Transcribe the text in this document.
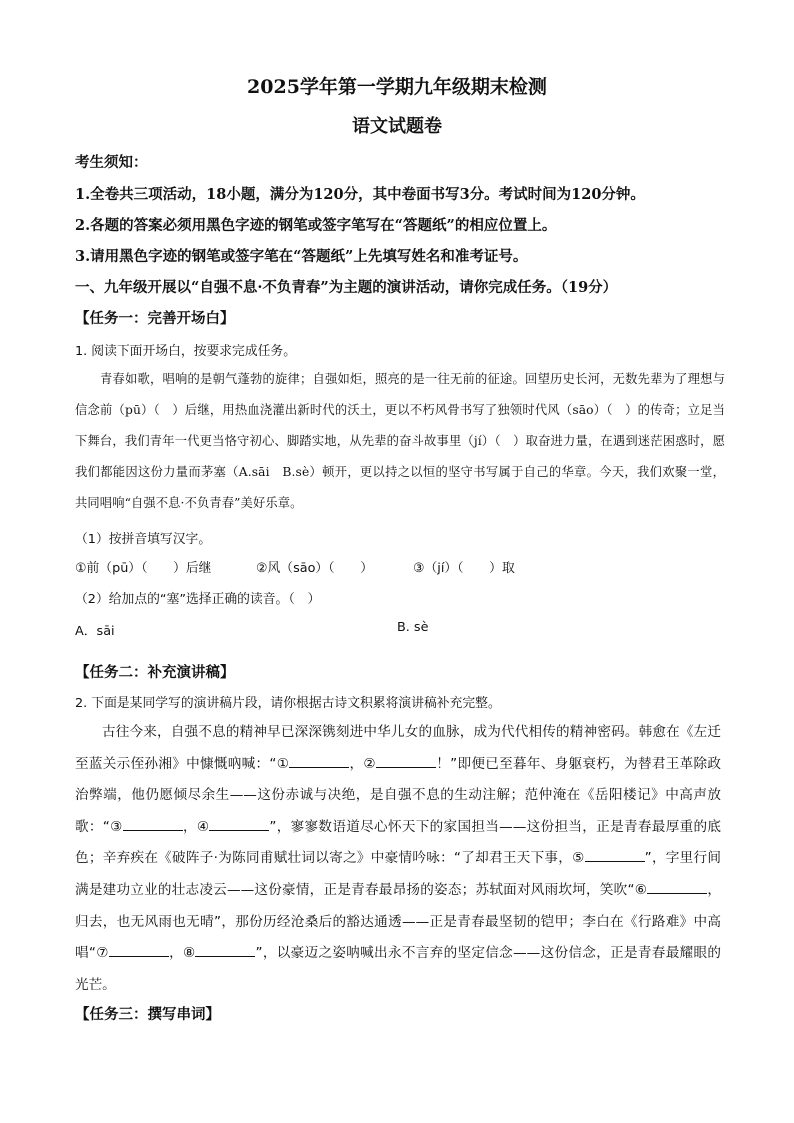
2025学年第一学期九年级期末检测
语文试题卷
考生须知：
1.全卷共三项活动，18小题，满分为120分，其中卷面书写3分。考试时间为120分钟。
2.各题的答案必须用黑色字迹的钢笔或签字笔写在“答题纸”的相应位置上。
3.请用黑色字迹的钢笔或签字笔在“答题纸”上先填写姓名和准考证号。
一、九年级开展以“自强不息·不负青春”为主题的演讲活动，请你完成任务。（19分）
【任务一：完善开场白】
1. 阅读下面开场白，按要求完成任务。

青春如歌，唱响的是朝气蓬勃的旋律；自强如炬，照亮的是一往无前的征途。回望历史长河，无数先辈为了理想与信念前（pū）（　）后继，用热血浇灌出新时代的沃土，更以不朽风骨书写了独领时代风（sāo）（　）的传奇；立足当下舞台，我们青年一代更当恪守初心、脚踏实地，从先辈的奋斗故事里（jí）（　）取奋进力量，在遇到迷茫困惑时，愿我们都能因这份力量而茅塞（A.sāi　B.sè）顿开，更以持之以恒的坚守书写属于自己的华章。今天，我们欢聚一堂，共同唱响“自强不息·不负青春”美好乐章。

（1）按拼音填写汉字。
①前（pū）（　　）后继	②风（sāo）（　　）	③（jí）（　　）取
（2）给加点的“塞”选择正确的读音。（　）
A．sāi	B. sè
【任务二：补充演讲稿】
2. 下面是某同学写的演讲稿片段，请你根据古诗文积累将演讲稿补充完整。

古往今来，自强不息的精神早已深深镌刻进中华儿女的血脉，成为代代相传的精神密码。韩愈在《左迁至蓝关示侄孙湘》中慷慨吶喊：“①	，②	！”即便已至暮年、身躯衰朽，为替君王革除政治弊端，他仍愿倾尽余生——这份赤诚与决绝，是自强不息的生动注解；范仲淹在《岳阳楼记》中高声放歌：“③	，④	”，寥寥数语道尽心怀天下的家国担当——这份担当，正是青春最厚重的底色；辛弃疾在《破阵子·为陈同甫赋壮词以寄之》中豪情吟咏：“了却君王天下事，⑤	”，字里行间满是建功立业的壮志凌云——这份豪情，正是青春最昂扬的姿态；苏轼面对风雨坎坷，笑吹“⑥	，归去，也无风雨也无晴”，那份历经沧桑后的豁达通透——正是青春最坚韧的铠甲；李白在《行路难》中高唱“⑦	，⑧	”，以豪迈之姿呐喊出永不言弃的坚定信念——这份信念，正是青春最耀眼的光芒。

【任务三：撰写串词】
